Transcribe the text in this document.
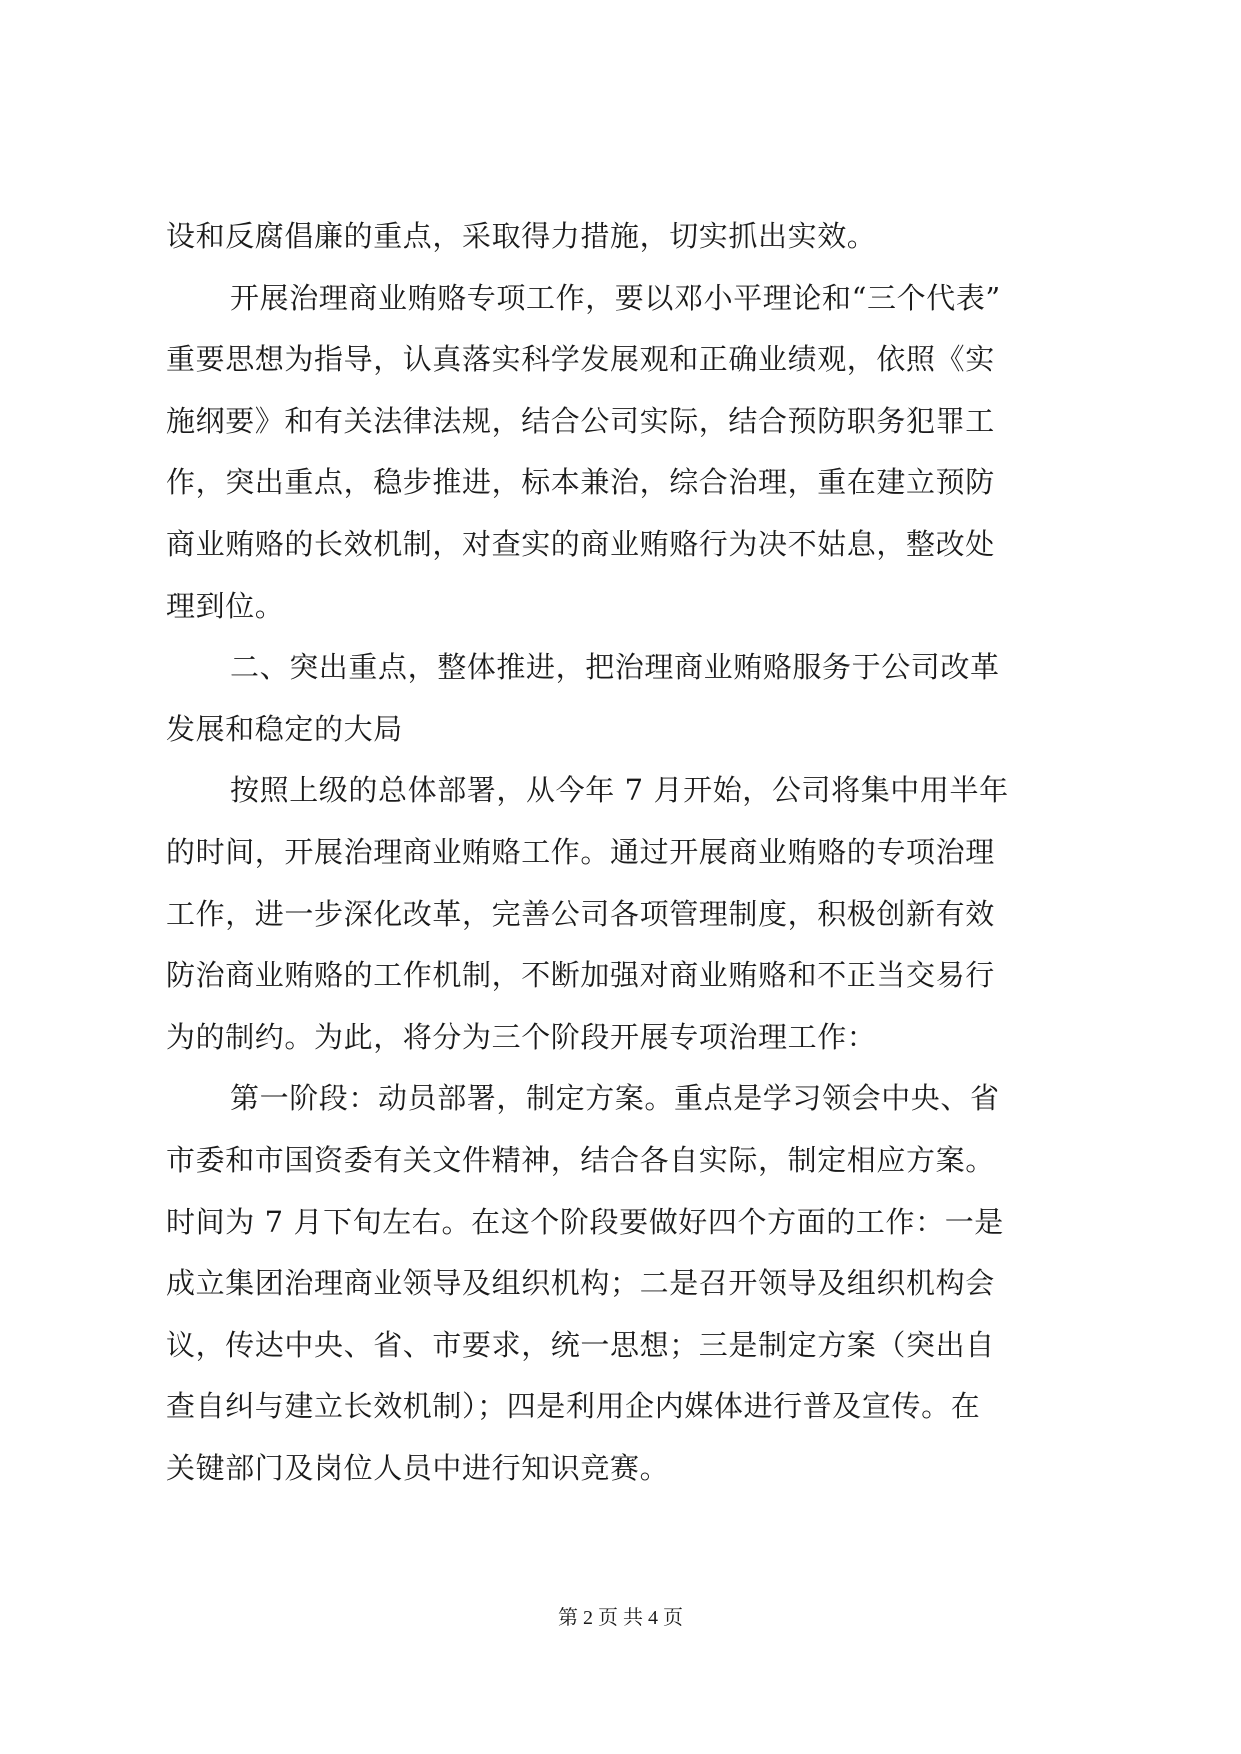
设和反腐倡廉的重点，采取得力措施，切实抓出实效。
开展治理商业贿赂专项工作，要以邓小平理论和“三个代表”
重要思想为指导，认真落实科学发展观和正确业绩观，依照《实
施纲要》和有关法律法规，结合公司实际，结合预防职务犯罪工
作，突出重点，稳步推进，标本兼治，综合治理，重在建立预防
商业贿赂的长效机制，对查实的商业贿赂行为决不姑息，整改处
理到位。
二、突出重点，整体推进，把治理商业贿赂服务于公司改革
发展和稳定的大局
按照上级的总体部署，从今年 7 月开始，公司将集中用半年
的时间，开展治理商业贿赂工作。通过开展商业贿赂的专项治理
工作，进一步深化改革，完善公司各项管理制度，积极创新有效
防治商业贿赂的工作机制，不断加强对商业贿赂和不正当交易行
为的制约。为此，将分为三个阶段开展专项治理工作：
第一阶段：动员部署，制定方案。重点是学习领会中央、省
市委和市国资委有关文件精神，结合各自实际，制定相应方案。
时间为 7 月下旬左右。在这个阶段要做好四个方面的工作：一是
成立集团治理商业领导及组织机构；二是召开领导及组织机构会
议，传达中央、省、市要求，统一思想；三是制定方案（突出自
查自纠与建立长效机制）；四是利用企内媒体进行普及宣传。在
关键部门及岗位人员中进行知识竞赛。
第 2 页 共 4 页
